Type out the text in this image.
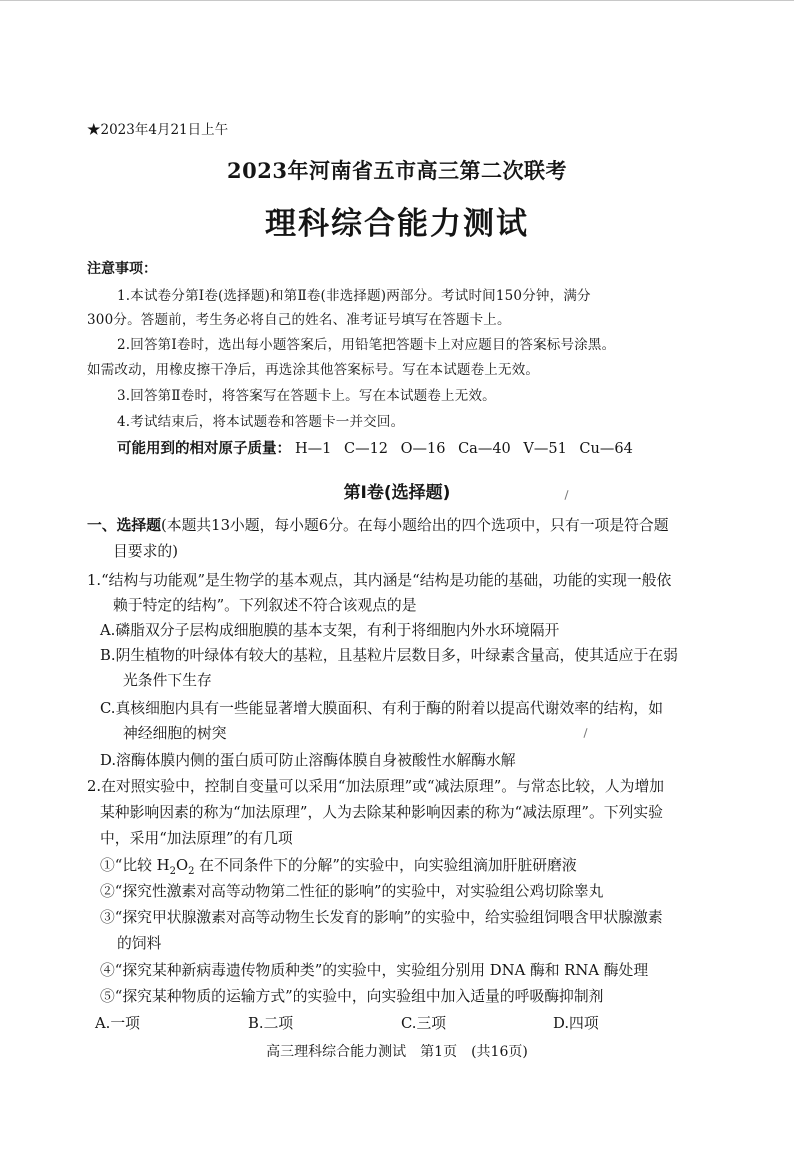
★2023年4月21日上午
2023年河南省五市高三第二次联考
理科综合能力测试
注意事项：
1.本试卷分第Ⅰ卷(选择题)和第Ⅱ卷(非选择题)两部分。考试时间150分钟，满分
300分。答题前，考生务必将自己的姓名、准考证号填写在答题卡上。
2.回答第Ⅰ卷时，选出每小题答案后，用铅笔把答题卡上对应题目的答案标号涂黑。
如需改动，用橡皮擦干净后，再选涂其他答案标号。写在本试题卷上无效。
3.回答第Ⅱ卷时，将答案写在答题卡上。写在本试题卷上无效。
4.考试结束后，将本试题卷和答题卡一并交回。
可能用到的相对原子质量： H—1 C—12 O—16 Ca—40 V—51 Cu—64
第Ⅰ卷(选择题)
一、选择题(本题共13小题，每小题6分。在每小题给出的四个选项中，只有一项是符合题
目要求的)
1.“结构与功能观”是生物学的基本观点，其内涵是“结构是功能的基础，功能的实现一般依
赖于特定的结构”。下列叙述不符合该观点的是
A.磷脂双分子层构成细胞膜的基本支架，有利于将细胞内外水环境隔开
B.阴生植物的叶绿体有较大的基粒，且基粒片层数目多，叶绿素含量高，使其适应于在弱
光条件下生存
C.真核细胞内具有一些能显著增大膜面积、有利于酶的附着以提高代谢效率的结构，如
神经细胞的树突
D.溶酶体膜内侧的蛋白质可防止溶酶体膜自身被酸性水解酶水解
2.在对照实验中，控制自变量可以采用“加法原理”或“减法原理”。与常态比较，人为增加
某种影响因素的称为“加法原理”，人为去除某种影响因素的称为“减法原理”。下列实验
中，采用“加法原理”的有几项
①“比较 $H_2O_2$ 在不同条件下的分解”的实验中，向实验组滴加肝脏研磨液
②“探究性激素对高等动物第二性征的影响”的实验中，对实验组公鸡切除睾丸
③“探究甲状腺激素对高等动物生长发育的影响”的实验中，给实验组饲喂含甲状腺激素
的饲料
④“探究某种新病毒遗传物质种类”的实验中，实验组分别用 DNA 酶和 RNA 酶处理
⑤“探究某种物质的运输方式”的实验中，向实验组中加入适量的呼吸酶抑制剂
A.一项	B.二项	C.三项	D.四项
高三理科综合能力测试　第1页　(共16页)
